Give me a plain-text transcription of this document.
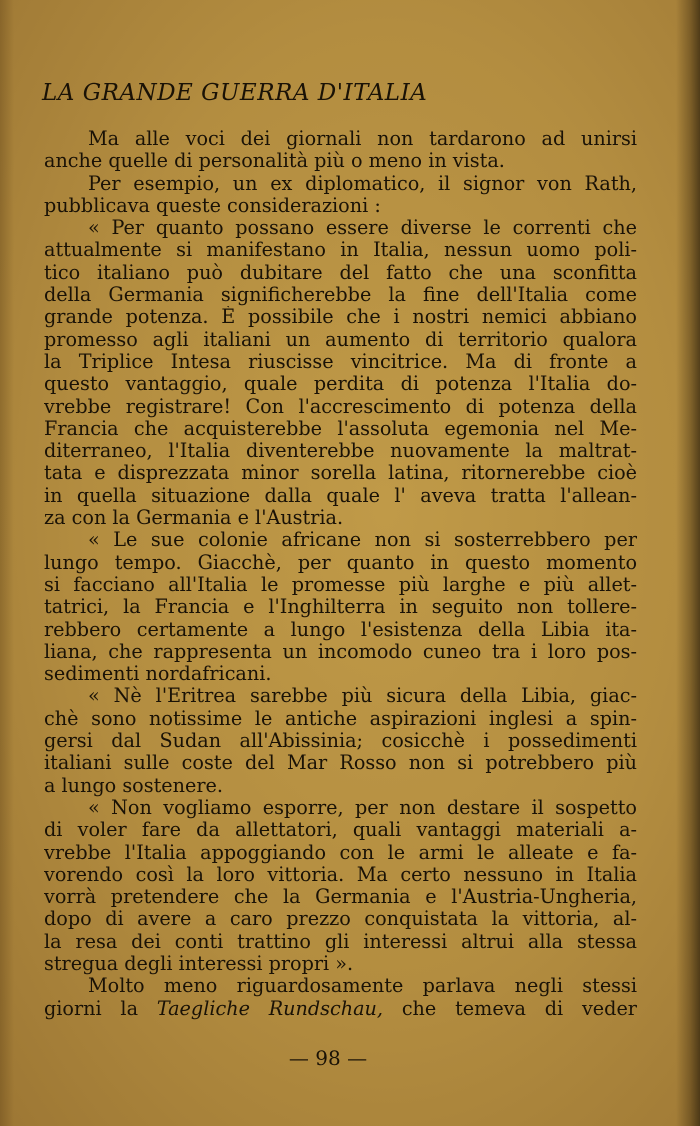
LA GRANDE GUERRA D'ITALIA
Ma alle voci dei giornali non tardarono ad unirsi
anche quelle di personalità più o meno in vista.
Per esempio, un ex diplomatico, il signor von Rath,
pubblicava queste considerazioni :
« Per quanto possano essere diverse le correnti che
attualmente si manifestano in Italia, nessun uomo poli-
tico italiano può dubitare del fatto che una sconfitta
della Germania significherebbe la fine dell'Italia come
grande potenza. È possibile che i nostri nemici abbiano
promesso agli italiani un aumento di territorio qualora
la Triplice Intesa riuscisse vincitrice. Ma di fronte a
questo vantaggio, quale perdita di potenza l'Italia do-
vrebbe registrare! Con l'accrescimento di potenza della
Francia che acquisterebbe l'assoluta egemonia nel Me-
diterraneo, l'Italia diventerebbe nuovamente la maltrat-
tata e disprezzata minor sorella latina, ritornerebbe cioè
in quella situazione dalla quale l' aveva tratta l'allean-
za con la Germania e l'Austria.
« Le sue colonie africane non si sosterrebbero per
lungo tempo. Giacchè, per quanto in questo momento
si facciano all'Italia le promesse più larghe e più allet-
tatrici, la Francia e l'Inghilterra in seguito non tollere-
rebbero certamente a lungo l'esistenza della Libia ita-
liana, che rappresenta un incomodo cuneo tra i loro pos-
sedimenti nordafricani.
« Nè l'Eritrea sarebbe più sicura della Libia, giac-
chè sono notissime le antiche aspirazioni inglesi a spin-
gersi dal Sudan all'Abissinia; cosicchè i possedimenti
italiani sulle coste del Mar Rosso non si potrebbero più
a lungo sostenere.
« Non vogliamo esporre, per non destare il sospetto
di voler fare da allettatori, quali vantaggi materiali a-
vrebbe l'Italia appoggiando con le armi le alleate e fa-
vorendo così la loro vittoria. Ma certo nessuno in Italia
vorrà pretendere che la Germania e l'Austria-Ungheria,
dopo di avere a caro prezzo conquistata la vittoria, al-
la resa dei conti trattino gli interessi altrui alla stessa
stregua degli interessi propri ».
Molto meno riguardosamente parlava negli stessi
giorni la Taegliche Rundschau, che temeva di veder
— 98 —
